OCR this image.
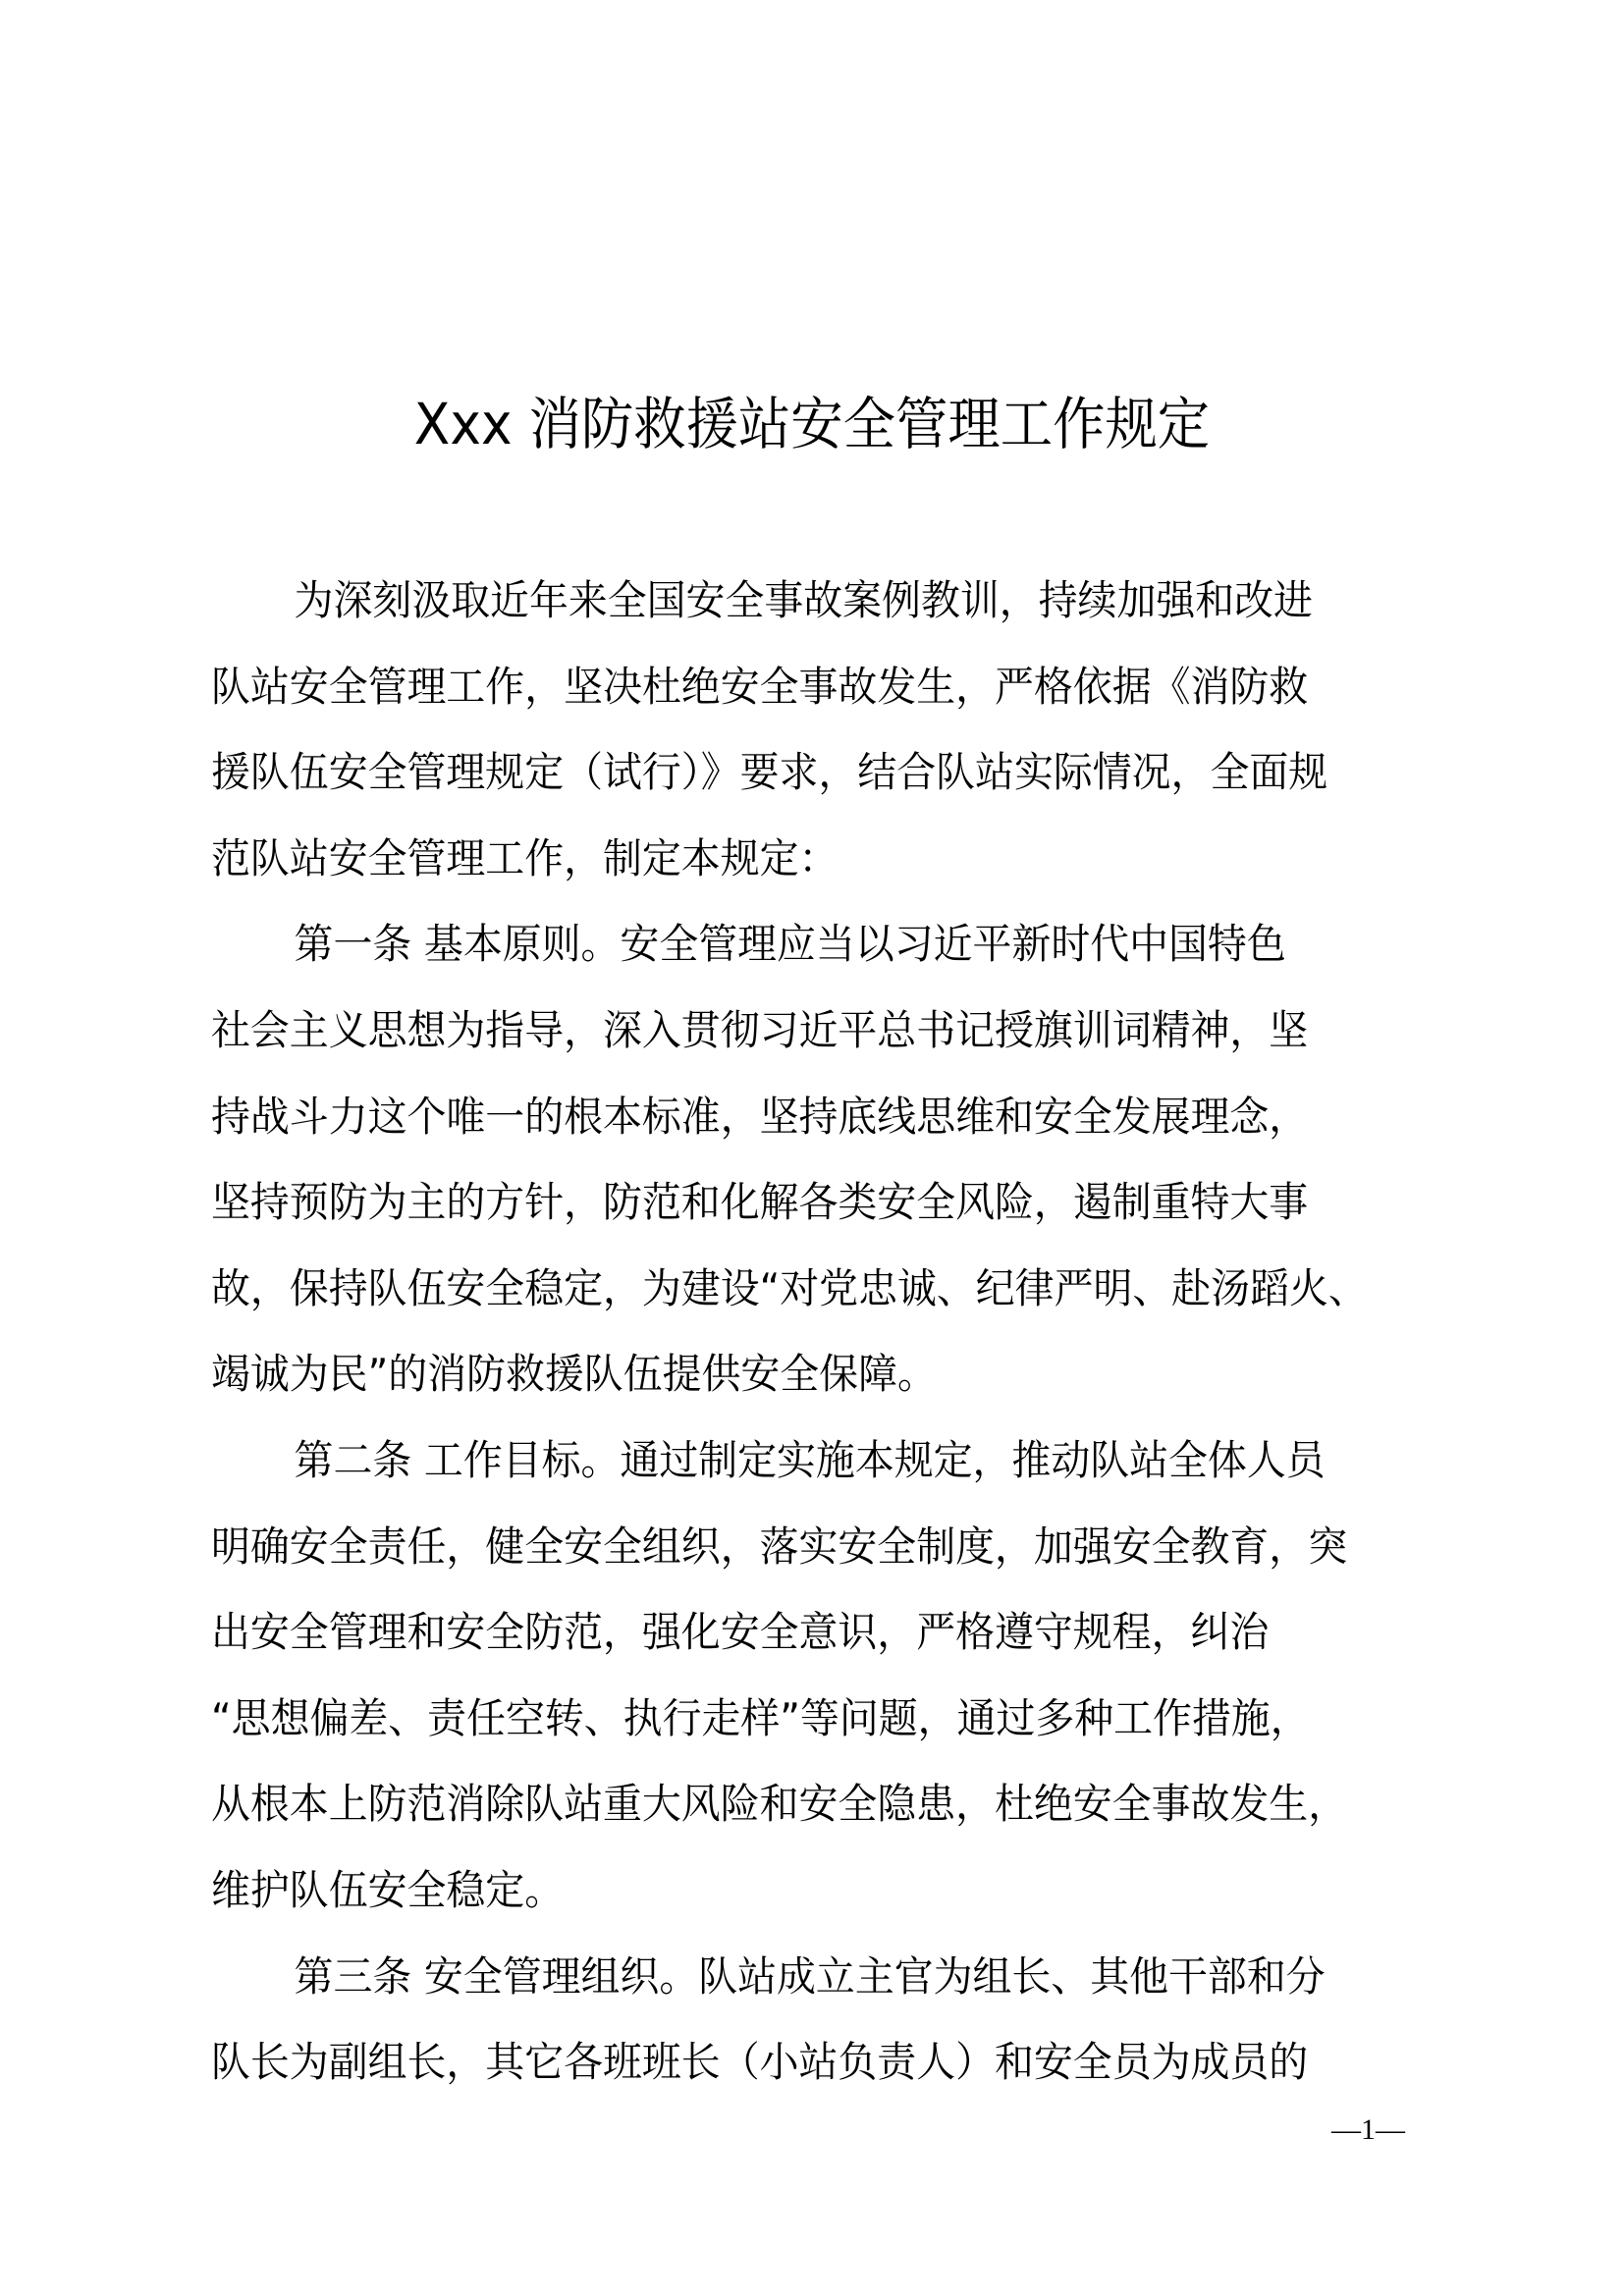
Xxx 消防救援站安全管理工作规定
为深刻汲取近年来全国安全事故案例教训，持续加强和改进
队站安全管理工作，坚决杜绝安全事故发生，严格依据《消防救
援队伍安全管理规定（试行）》要求，结合队站实际情况，全面规
范队站安全管理工作，制定本规定：
第一条 基本原则。安全管理应当以习近平新时代中国特色
社会主义思想为指导，深入贯彻习近平总书记授旗训词精神，坚
持战斗力这个唯一的根本标准，坚持底线思维和安全发展理念，
坚持预防为主的方针，防范和化解各类安全风险，遏制重特大事
故，保持队伍安全稳定，为建设“对党忠诚、纪律严明、赴汤蹈火、
竭诚为民”的消防救援队伍提供安全保障。
第二条 工作目标。通过制定实施本规定，推动队站全体人员
明确安全责任，健全安全组织，落实安全制度，加强安全教育，突
出安全管理和安全防范，强化安全意识，严格遵守规程，纠治
“思想偏差、责任空转、执行走样”等问题，通过多种工作措施，
从根本上防范消除队站重大风险和安全隐患，杜绝安全事故发生，
维护队伍安全稳定。
第三条 安全管理组织。队站成立主官为组长、其他干部和分
队长为副组长，其它各班班长（小站负责人）和安全员为成员的
—1—
